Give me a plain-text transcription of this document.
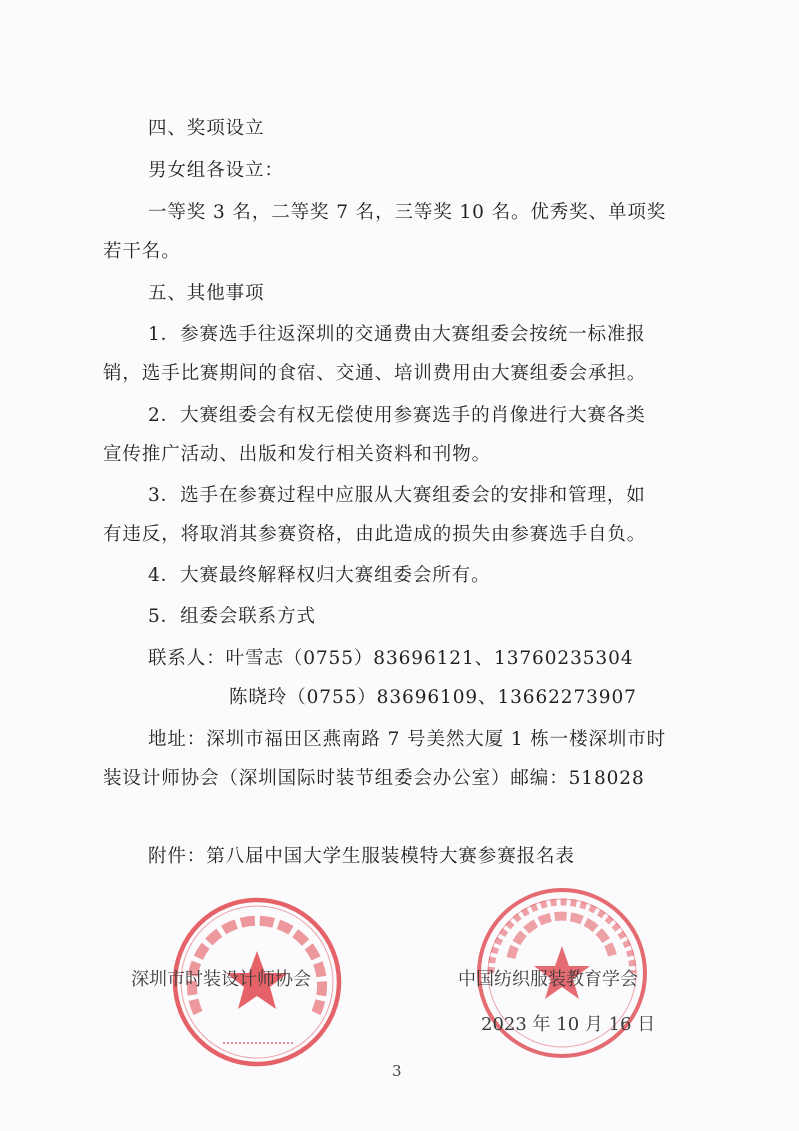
四、奖项设立
男女组各设立：
一等奖 3 名，二等奖 7 名，三等奖 10 名。优秀奖、单项奖
若干名。
五、其他事项
1．参赛选手往返深圳的交通费由大赛组委会按统一标准报
销，选手比赛期间的食宿、交通、培训费用由大赛组委会承担。
2．大赛组委会有权无偿使用参赛选手的肖像进行大赛各类
宣传推广活动、出版和发行相关资料和刊物。
3．选手在参赛过程中应服从大赛组委会的安排和管理，如
有违反，将取消其参赛资格，由此造成的损失由参赛选手自负。
4．大赛最终解释权归大赛组委会所有。
5．组委会联系方式
联系人：叶雪志（0755）83696121、13760235304
陈晓玲（0755）83696109、13662273907
地址：深圳市福田区燕南路 7 号美然大厦 1 栋一楼深圳市时
装设计师协会（深圳国际时装节组委会办公室）邮编：518028
附件：第八届中国大学生服装模特大赛参赛报名表
深圳市时装设计师协会	中国纺织服装教育学会
2023 年 10 月 16 日
3
